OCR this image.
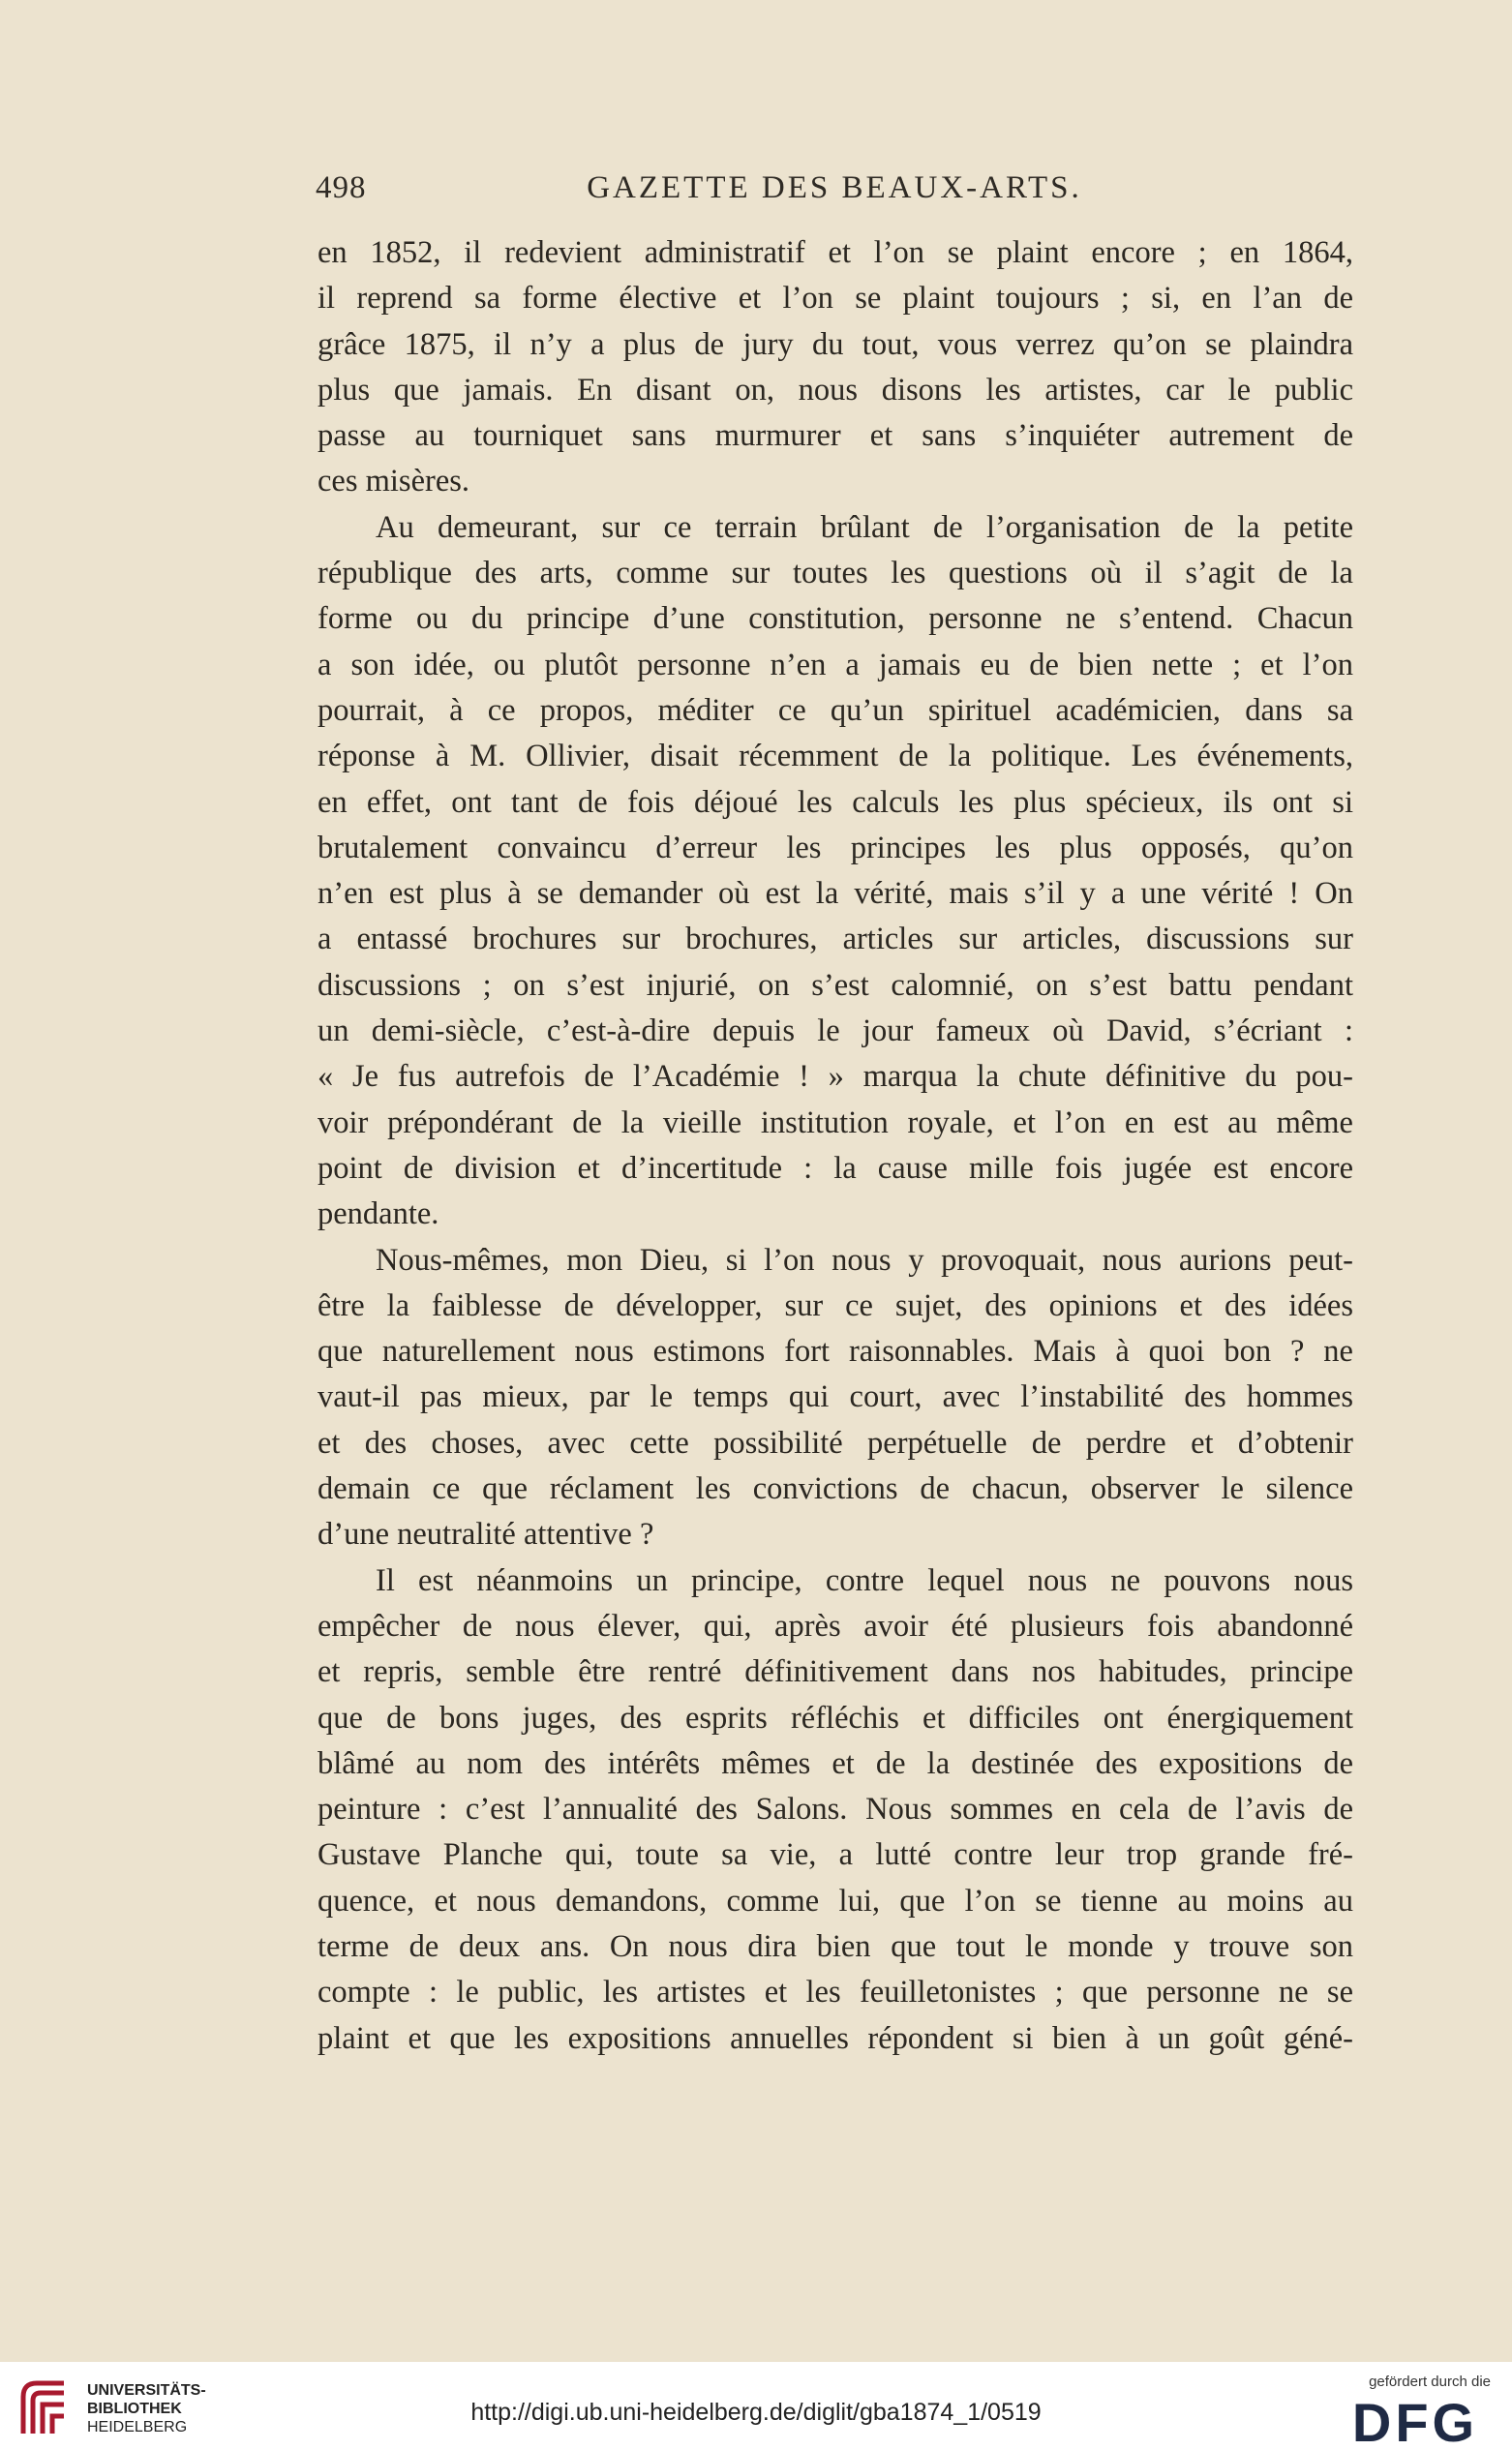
498	GAZETTE DES BEAUX-ARTS.
en 1852, il redevient administratif et l’on se plaint encore ; en 1864,
il reprend sa forme élective et l’on se plaint toujours ; si, en l’an de
grâce 1875, il n’y a plus de jury du tout, vous verrez qu’on se plaindra
plus que jamais. En disant on, nous disons les artistes, car le public
passe au tourniquet sans murmurer et sans s’inquiéter autrement de
ces misères.
Au demeurant, sur ce terrain brûlant de l’organisation de la petite
république des arts, comme sur toutes les questions où il s’agit de la
forme ou du principe d’une constitution, personne ne s’entend. Chacun
a son idée, ou plutôt personne n’en a jamais eu de bien nette ; et l’on
pourrait, à ce propos, méditer ce qu’un spirituel académicien, dans sa
réponse à M. Ollivier, disait récemment de la politique. Les événements,
en effet, ont tant de fois déjoué les calculs les plus spécieux, ils ont si
brutalement convaincu d’erreur les principes les plus opposés, qu’on
n’en est plus à se demander où est la vérité, mais s’il y a une vérité ! On
a entassé brochures sur brochures, articles sur articles, discussions sur
discussions ; on s’est injurié, on s’est calomnié, on s’est battu pendant
un demi-siècle, c’est-à-dire depuis le jour fameux où David, s’écriant :
« Je fus autrefois de l’Académie ! » marqua la chute définitive du pou-
voir prépondérant de la vieille institution royale, et l’on en est au même
point de division et d’incertitude : la cause mille fois jugée est encore
pendante.
Nous-mêmes, mon Dieu, si l’on nous y provoquait, nous aurions peut-
être la faiblesse de développer, sur ce sujet, des opinions et des idées
que naturellement nous estimons fort raisonnables. Mais à quoi bon ? ne
vaut-il pas mieux, par le temps qui court, avec l’instabilité des hommes
et des choses, avec cette possibilité perpétuelle de perdre et d’obtenir
demain ce que réclament les convictions de chacun, observer le silence
d’une neutralité attentive ?
Il est néanmoins un principe, contre lequel nous ne pouvons nous
empêcher de nous élever, qui, après avoir été plusieurs fois abandonné
et repris, semble être rentré définitivement dans nos habitudes, principe
que de bons juges, des esprits réfléchis et difficiles ont énergiquement
blâmé au nom des intérêts mêmes et de la destinée des expositions de
peinture : c’est l’annualité des Salons. Nous sommes en cela de l’avis de
Gustave Planche qui, toute sa vie, a lutté contre leur trop grande fré-
quence, et nous demandons, comme lui, que l’on se tienne au moins au
terme de deux ans. On nous dira bien que tout le monde y trouve son
compte : le public, les artistes et les feuilletonistes ; que personne ne se
plaint et que les expositions annuelles répondent si bien à un goût géné-
UNIVERSITÄTS-
BIBLIOTHEK
HEIDELBERG
http://digi.ub.uni-heidelberg.de/diglit/gba1874_1/0519
gefördert durch die
DFG
